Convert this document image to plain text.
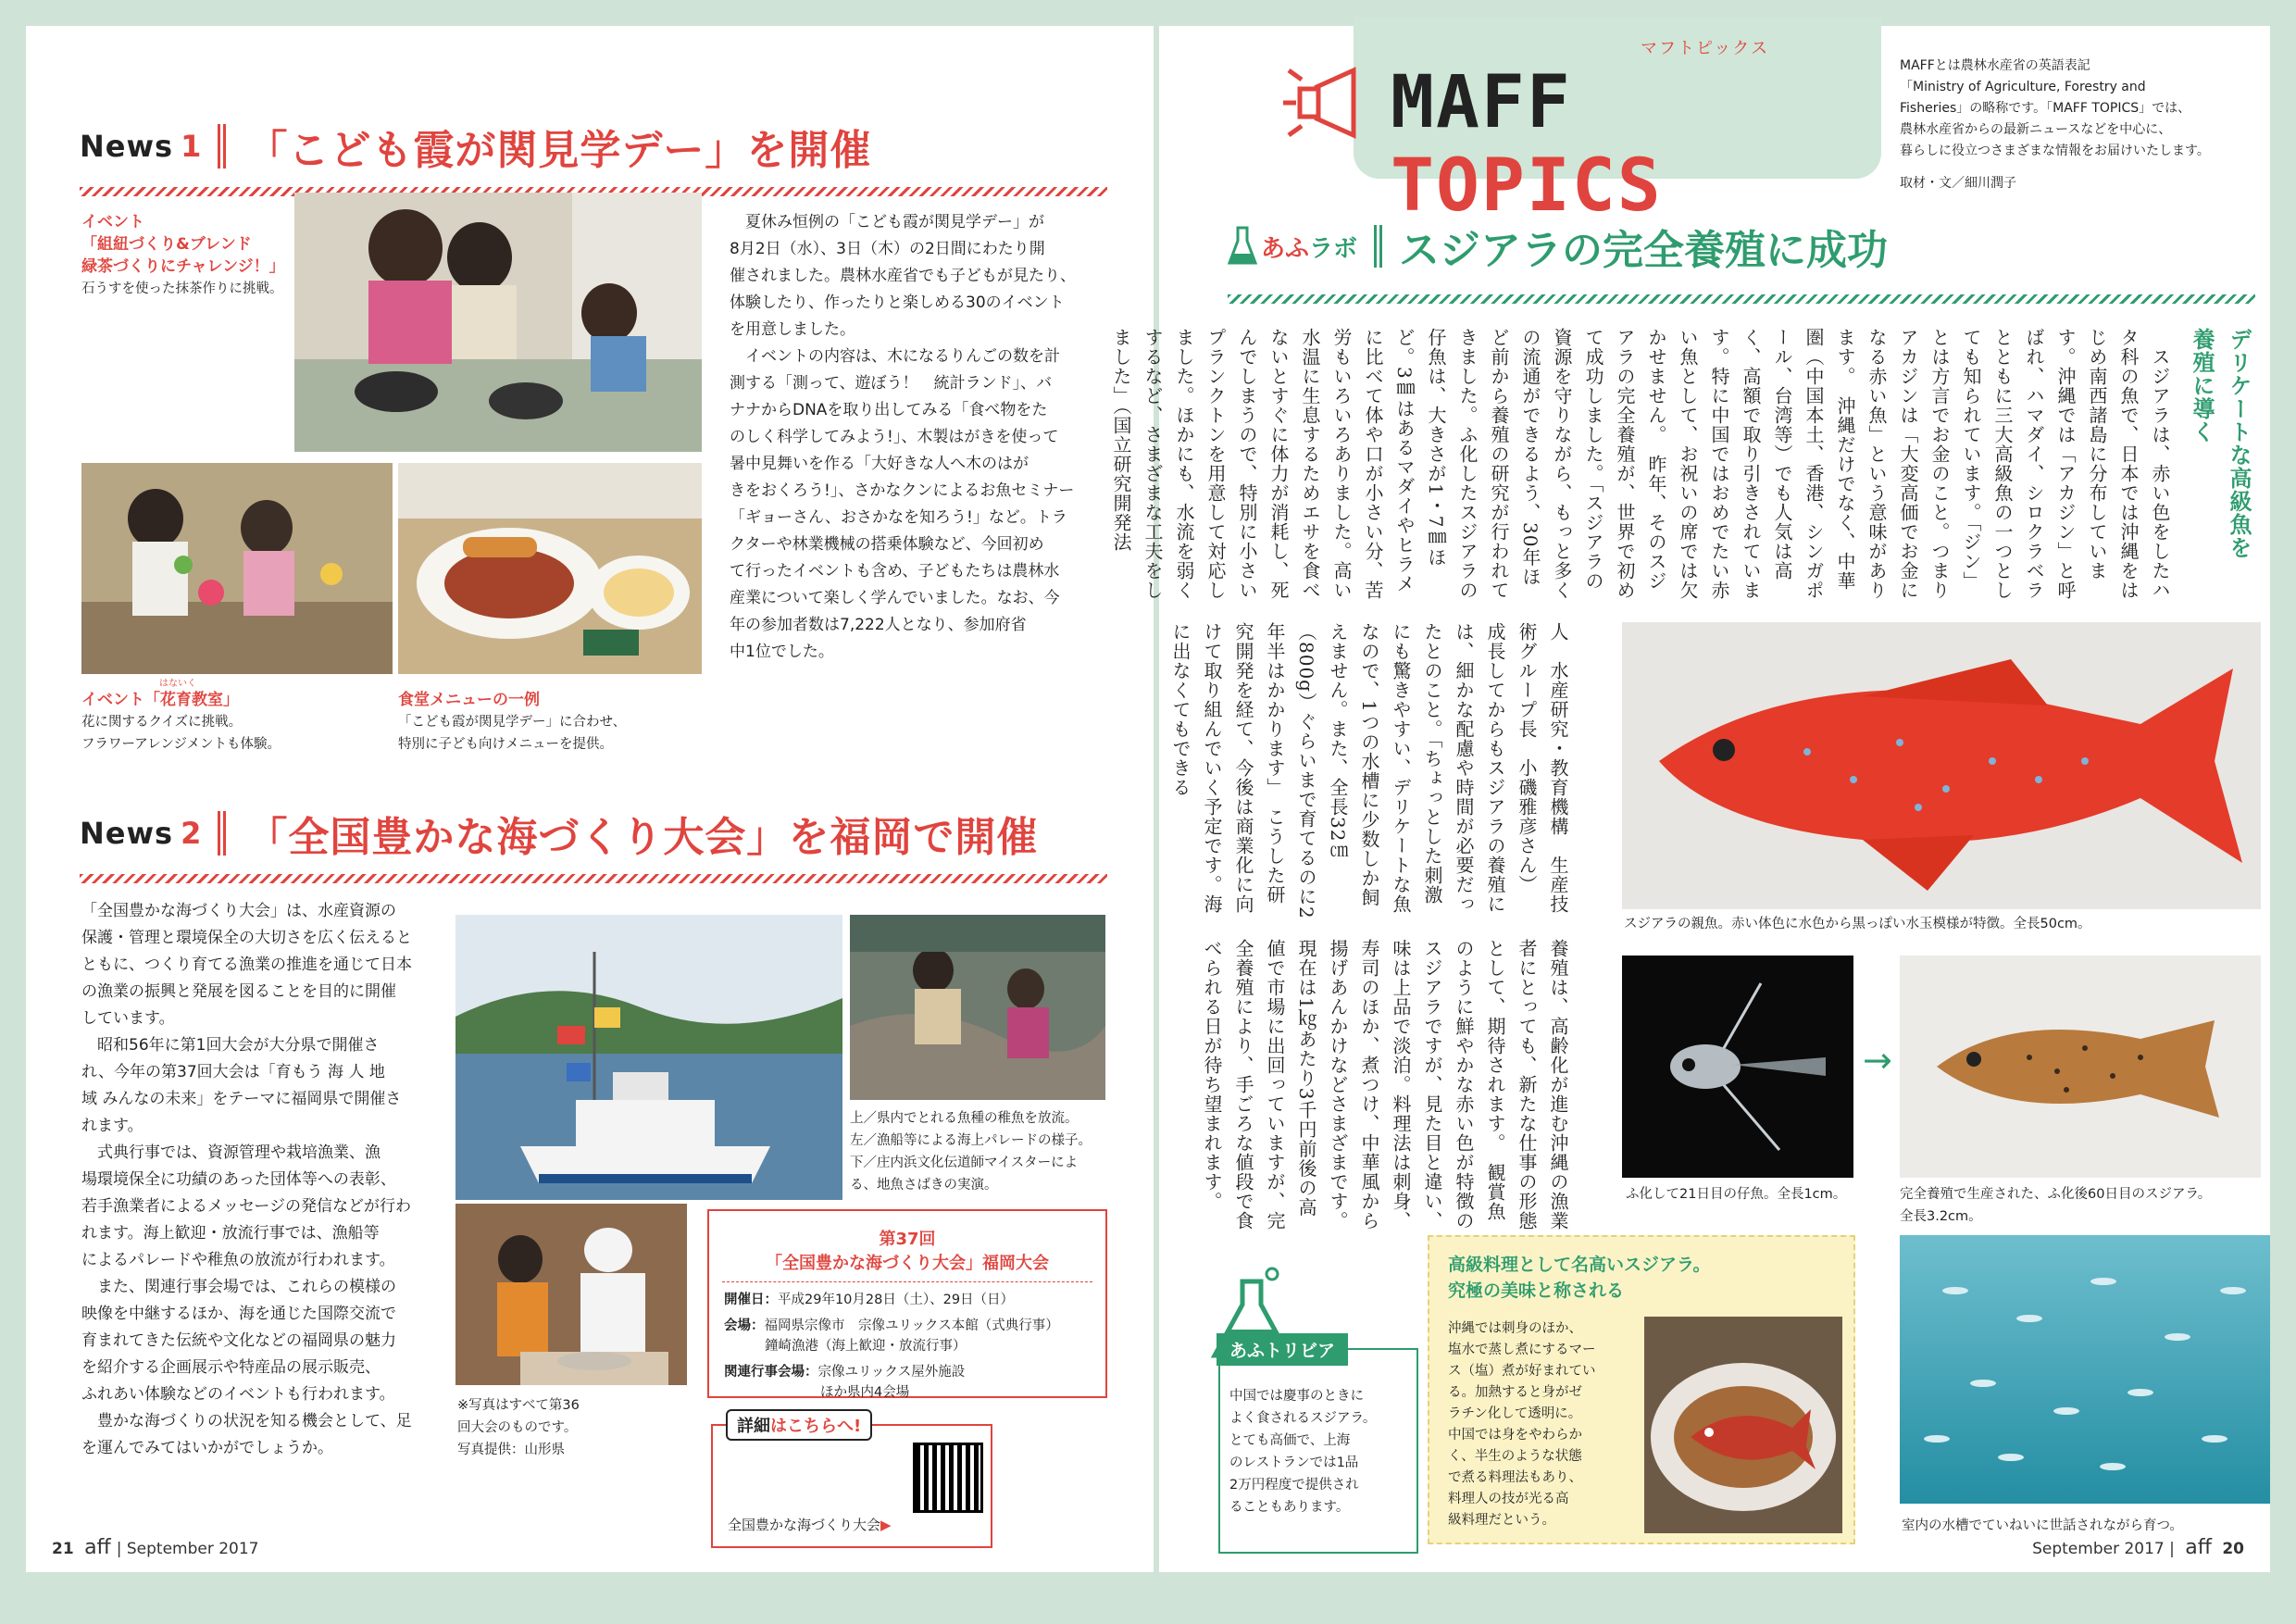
News 1 「こども霞が関見学デー」を開催
イベント
「組紐づくり&ブレンド
緑茶づくりにチャレンジ！」
石うすを使った抹茶作りに挑戦。
　夏休み恒例の「こども霞が関見学デー」が
8月2日（水）、3日（木）の2日間にわたり開
催されました。農林水産省でも子どもが見たり、
体験したり、作ったりと楽しめる30のイベント
を用意しました。
　イベントの内容は、木になるりんごの数を計
測する「測って、遊ぼう！　統計ランド」、バ
ナナからDNAを取り出してみる「食べ物をた
のしく科学してみよう!」、木製はがきを使って
暑中見舞いを作る「大好きな人へ木のはが
きをおくろう!」、さかなクンによるお魚セミナー
「ギョーさん、おさかなを知ろう!」など。トラ
クターや林業機械の搭乗体験など、今回初め
て行ったイベントも含め、子どもたちは農林水
産業について楽しく学んでいました。なお、今
年の参加者数は7,222人となり、参加府省
中1位でした。
はないく
イベント「花育教室」
花に関するクイズに挑戦。
フラワーアレンジメントも体験。
食堂メニューの一例
「こども霞が関見学デー」に合わせ、
特別に子ども向けメニューを提供。
News 2 「全国豊かな海づくり大会」を福岡で開催
「全国豊かな海づくり大会」は、水産資源の
保護・管理と環境保全の大切さを広く伝えると
ともに、つくり育てる漁業の推進を通じて日本
の漁業の振興と発展を図ることを目的に開催
しています。
　昭和56年に第1回大会が大分県で開催さ
れ、今年の第37回大会は「育もう 海 人 地
域 みんなの未来」をテーマに福岡県で開催さ
れます。
　式典行事では、資源管理や栽培漁業、漁
場環境保全に功績のあった団体等への表彰、
若手漁業者によるメッセージの発信などが行わ
れます。海上歓迎・放流行事では、漁船等
によるパレードや稚魚の放流が行われます。
　また、関連行事会場では、これらの模様の
映像を中継するほか、海を通じた国際交流で
育まれてきた伝統や文化などの福岡県の魅力
を紹介する企画展示や特産品の展示販売、
ふれあい体験などのイベントも行われます。
　豊かな海づくりの状況を知る機会として、足
を運んでみてはいかがでしょうか。
上／県内でとれる魚種の稚魚を放流。
左／漁船等による海上パレードの様子。
下／庄内浜文化伝道師マイスターによ
る、地魚さばきの実演。
※写真はすべて第36
回大会のものです。
写真提供：山形県
第37回
「全国豊かな海づくり大会」福岡大会
開催日：平成29年10月28日（土）、29日（日）
会場：福岡県宗像市　宗像ユリックス本館（式典行事）
鐘崎漁港（海上歓迎・放流行事）
関連行事会場：宗像ユリックス屋外施設
ほか県内4会場
詳細はこちらへ!
全国豊かな海づくり大会▶
21 aff | September 2017
マフトピックス
MAFF TOPICS
MAFFとは農林水産省の英語表記
「Ministry of Agriculture, Forestry and
Fisheries」の略称です。「MAFF TOPICS」では、
農林水産省からの最新ニュースなどを中心に、
暮らしに役立つさまざまな情報をお届けいたします。
取材・文／細川潤子
あふ ラボ スジアラの完全養殖に成功
デリケートな高級魚を
養殖に導く
　スジアラは、赤い色をしたハタ科の魚で、日本では沖縄をはじめ南西諸島に分布しています。沖縄では「アカジン」と呼ばれ、ハマダイ、シロクラベラとともに三大高級魚の一つとしても知られています。「ジン」とは方言でお金のこと。つまりアカジンは「大変高価でお金になる赤い魚」という意味があります。　沖縄だけでなく、中華圏（中国本土、香港、シンガポール、台湾等）でも人気は高く、高額で取り引きされています。特に中国ではおめでたい赤い魚として、お祝いの席では欠かせません。　昨年、そのスジアラの完全養殖が、世界で初めて成功しました。「スジアラの資源を守りながら、もっと多くの流通ができるよう、30年ほど前から養殖の研究が行われてきました。ふ化したスジアラの仔魚は、大きさが1・7㎜ほど。3㎜はあるマダイやヒラメに比べて体や口が小さい分、苦労もいろいろありました。高い水温に生息するためエサを食べないとすぐに体力が消耗し、死んでしまうので、特別に小さいプランクトンを用意して対応しました。ほかにも、水流を弱くするなど、さまざまな工夫をしました」（国立研究開発法
人　水産研究・教育機構　生産技術グループ長　小磯雅彦さん）　成長してからもスジアラの養殖には、細かな配慮や時間が必要だったとのこと。「ちょっとした刺激にも驚きやすい、デリケートな魚なので、1つの水槽に少数しか飼えません。また、全長32㎝（800g）ぐらいまで育てるのに2年半はかかります」　こうした研究開発を経て、今後は商業化に向けて取り組んでいく予定です。海に出なくてもできる
養殖は、高齢化が進む沖縄の漁業者にとっても、新たな仕事の形態として、期待されます。　観賞魚のように鮮やかな赤い色が特徴のスジアラですが、見た目と違い、味は上品で淡泊。料理法は刺身、寿司のほか、煮つけ、中華風から揚げあんかけなどさまざまです。　現在は1㎏あたり3千円前後の高値で市場に出回っていますが、完全養殖により、手ごろな値段で食べられる日が待ち望まれます。
スジアラの親魚。赤い体色に水色から黒っぽい水玉模様が特徴。全長50cm。
→
ふ化して21日目の仔魚。全長1cm。	完全養殖で生産された、ふ化後60日目のスジアラ。
全長3.2cm。
あふトリビア
中国では慶事のときに
よく食されるスジアラ。
とても高価で、上海
のレストランでは1品
2万円程度で提供され
ることもあります。
高級料理として名高いスジアラ。
究極の美味と称される
沖縄では刺身のほか、
塩水で蒸し煮にするマー
ス（塩）煮が好まれてい
る。加熱すると身がゼ
ラチン化して透明に。
中国では身をやわらか
く、半生のような状態
で煮る料理法もあり、
料理人の技が光る高
級料理だという。	室内の水槽でていねいに世話されながら育つ。
September 2017 | aff 20
